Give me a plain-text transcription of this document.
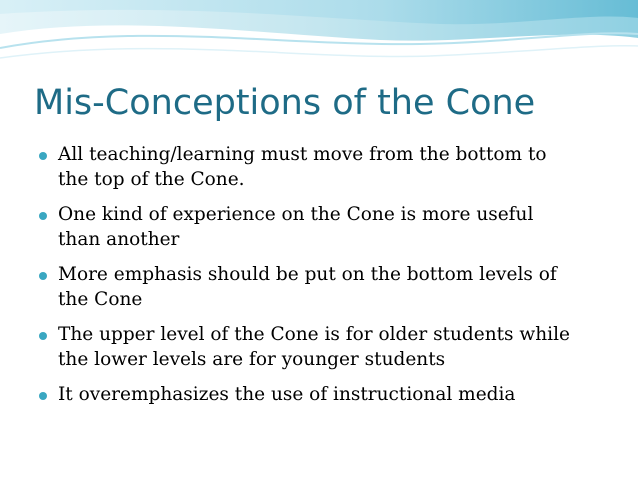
Mis-Conceptions of the Cone
All teaching/learning must move from the bottom to
the top of the Cone.
One kind of experience on the Cone is more useful
than another
More emphasis should be put on the bottom levels of
the Cone
The upper level of the Cone is for older students while
the lower levels are for younger students
It overemphasizes the use of instructional media
